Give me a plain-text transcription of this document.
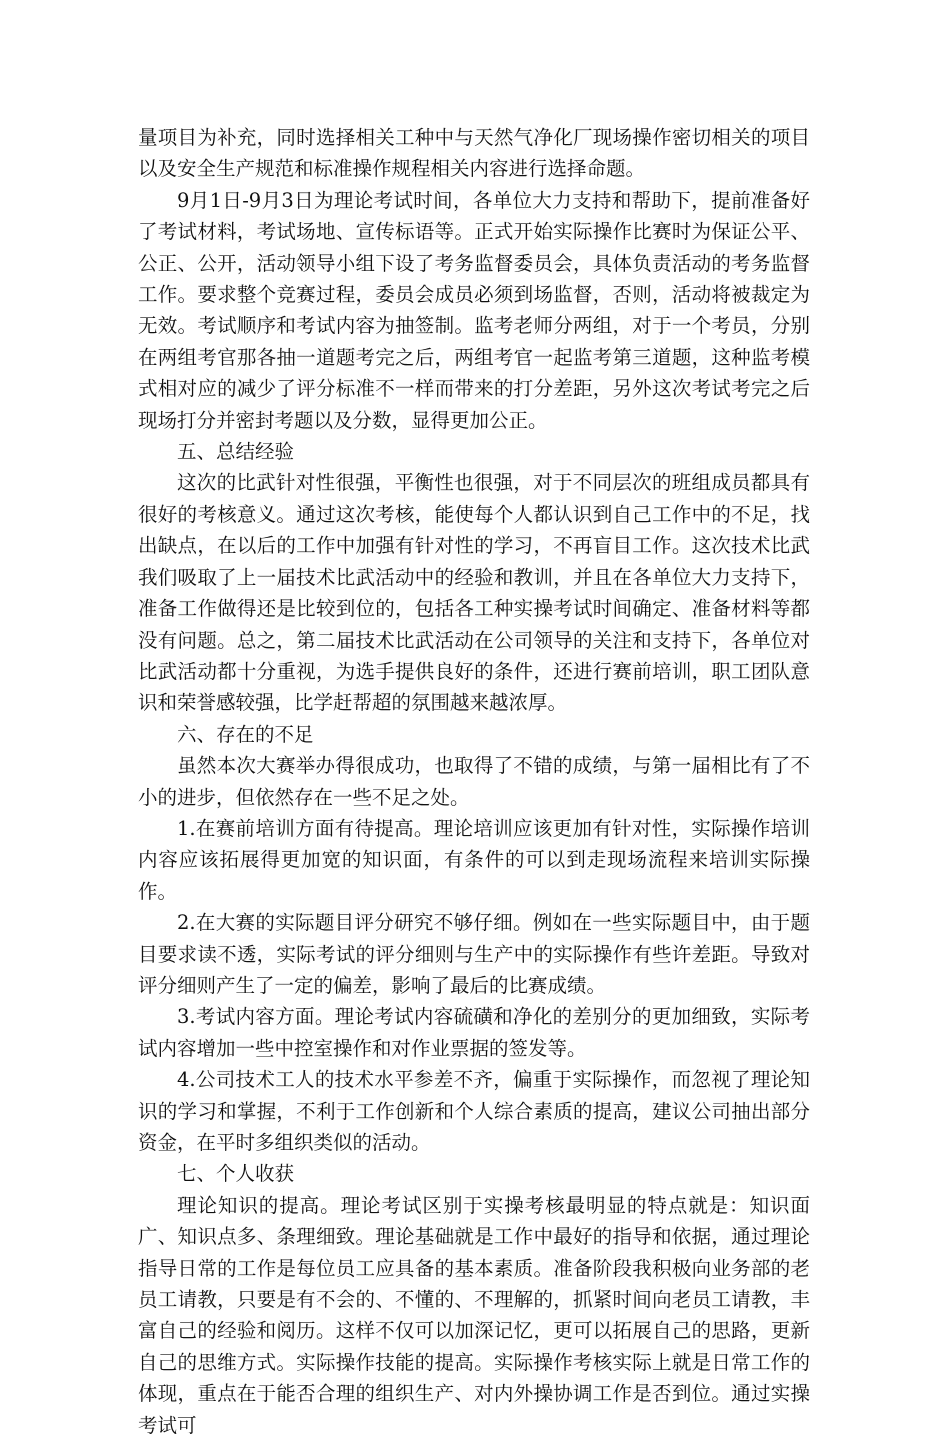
量项目为补充，同时选择相关工种中与天然气净化厂现场操作密切相关的项目以及安全生产规范和标准操作规程相关内容进行选择命题。

9月1日-9月3日为理论考试时间，各单位大力支持和帮助下，提前准备好了考试材料，考试场地、宣传标语等。正式开始实际操作比赛时为保证公平、公正、公开，活动领导小组下设了考务监督委员会，具体负责活动的考务监督工作。要求整个竞赛过程，委员会成员必须到场监督，否则，活动将被裁定为无效。考试顺序和考试内容为抽签制。监考老师分两组，对于一个考员，分别在两组考官那各抽一道题考完之后，两组考官一起监考第三道题，这种监考模式相对应的减少了评分标准不一样而带来的打分差距，另外这次考试考完之后现场打分并密封考题以及分数，显得更加公正。

五、总结经验

这次的比武针对性很强，平衡性也很强，对于不同层次的班组成员都具有很好的考核意义。通过这次考核，能使每个人都认识到自己工作中的不足，找出缺点，在以后的工作中加强有针对性的学习，不再盲目工作。这次技术比武我们吸取了上一届技术比武活动中的经验和教训，并且在各单位大力支持下，准备工作做得还是比较到位的，包括各工种实操考试时间确定、准备材料等都没有问题。总之，第二届技术比武活动在公司领导的关注和支持下，各单位对比武活动都十分重视，为选手提供良好的条件，还进行赛前培训，职工团队意识和荣誉感较强，比学赶帮超的氛围越来越浓厚。

六、存在的不足

虽然本次大赛举办得很成功，也取得了不错的成绩，与第一届相比有了不小的进步，但依然存在一些不足之处。

1.在赛前培训方面有待提高。理论培训应该更加有针对性，实际操作培训内容应该拓展得更加宽的知识面，有条件的可以到走现场流程来培训实际操作。

2.在大赛的实际题目评分研究不够仔细。例如在一些实际题目中，由于题目要求读不透，实际考试的评分细则与生产中的实际操作有些许差距。导致对评分细则产生了一定的偏差，影响了最后的比赛成绩。

3.考试内容方面。理论考试内容硫磺和净化的差别分的更加细致，实际考试内容增加一些中控室操作和对作业票据的签发等。

4.公司技术工人的技术水平参差不齐，偏重于实际操作，而忽视了理论知识的学习和掌握，不利于工作创新和个人综合素质的提高，建议公司抽出部分资金，在平时多组织类似的活动。

七、个人收获

理论知识的提高。理论考试区别于实操考核最明显的特点就是：知识面广、知识点多、条理细致。理论基础就是工作中最好的指导和依据，通过理论指导日常的工作是每位员工应具备的基本素质。准备阶段我积极向业务部的老员工请教，只要是有不会的、不懂的、不理解的，抓紧时间向老员工请教，丰富自己的经验和阅历。这样不仅可以加深记忆，更可以拓展自己的思路，更新自己的思维方式。实际操作技能的提高。实际操作考核实际上就是日常工作的体现，重点在于能否合理的组织生产、对内外操协调工作是否到位。通过实操考试可
